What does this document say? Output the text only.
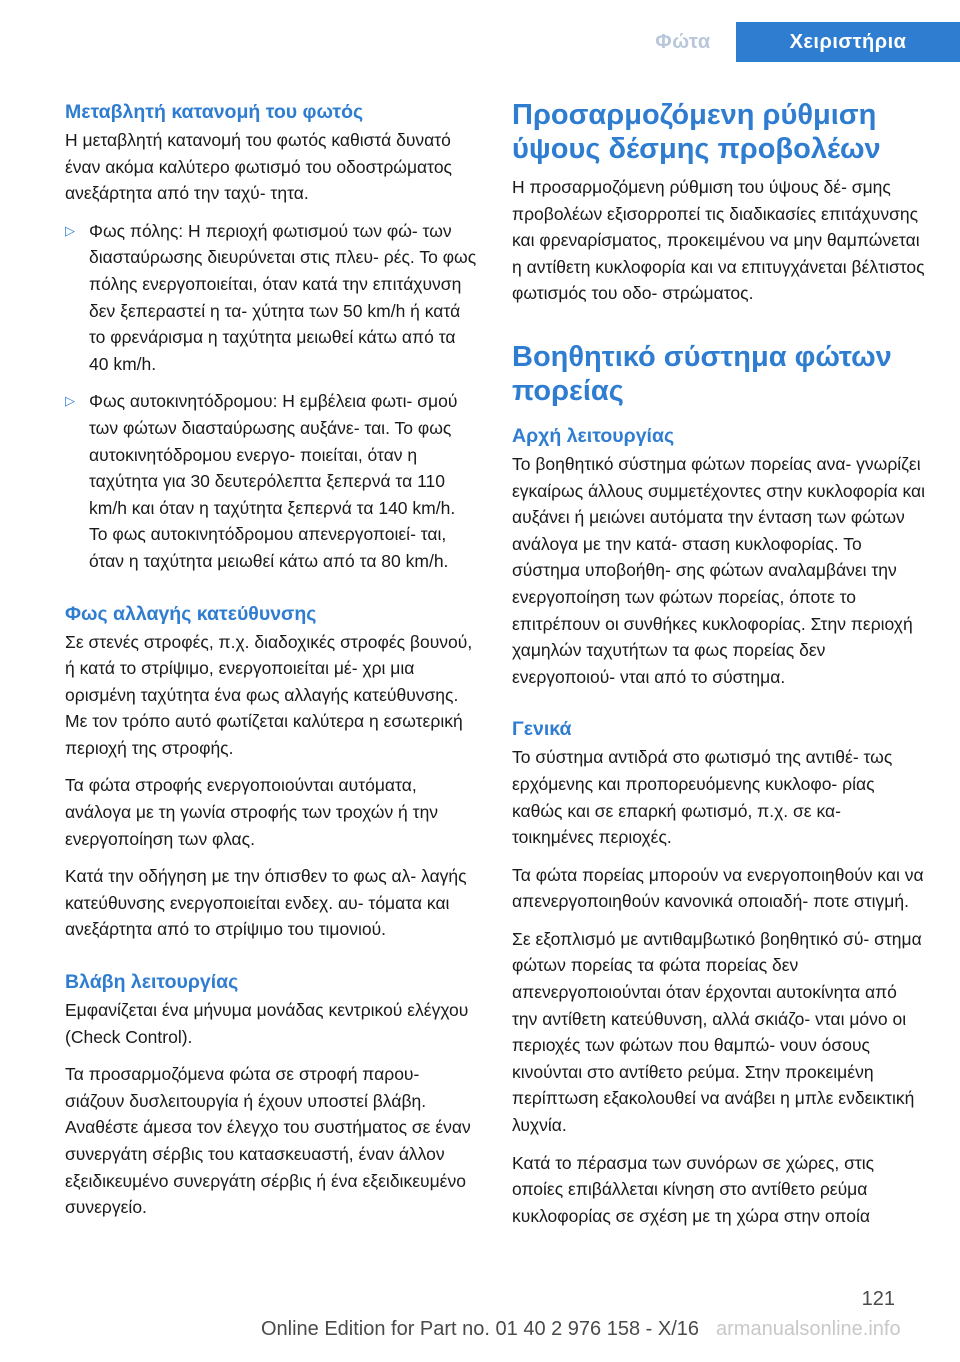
Φώτα	Χειριστήρια
Μεταβλητή κατανομή του φωτός

Η μεταβλητή κατανομή του φωτός καθιστά δυνατό έναν ακόμα καλύτερο φωτισμό του οδοστρώματος ανεξάρτητα από την ταχύ‐ τητα.

▷ Φως πόλης: Η περιοχή φωτισμού των φώ‐ των διασταύρωσης διευρύνεται στις πλευ‐ ρές. Το φως πόλης ενεργοποιείται, όταν κατά την επιτάχυνση δεν ξεπεραστεί η τα‐ χύτητα των 50 km/h ή κατά το φρενάρισμα η ταχύτητα μειωθεί κάτω από τα 40 km/h.

▷ Φως αυτοκινητόδρομου: Η εμβέλεια φωτι‐ σμού των φώτων διασταύρωσης αυξάνε‐ ται. Το φως αυτοκινητόδρομου ενεργο‐ ποιείται, όταν η ταχύτητα για 30 δευτερόλεπτα ξεπερνά τα 110 km/h και όταν η ταχύτητα ξεπερνά τα 140 km/h. Το φως αυτοκινητόδρομου απενεργοποιεί‐ ται, όταν η ταχύτητα μειωθεί κάτω από τα 80 km/h.

Φως αλλαγής κατεύθυνσης

Σε στενές στροφές, π.χ. διαδοχικές στροφές βουνού, ή κατά το στρίψιμο, ενεργοποιείται μέ‐ χρι μια ορισμένη ταχύτητα ένα φως αλλαγής κατεύθυνσης. Με τον τρόπο αυτό φωτίζεται καλύτερα η εσωτερική περιοχή της στροφής.

Τα φώτα στροφής ενεργοποιούνται αυτόματα, ανάλογα με τη γωνία στροφής των τροχών ή την ενεργοποίηση των φλας.

Κατά την οδήγηση με την όπισθεν το φως αλ‐ λαγής κατεύθυνσης ενεργοποιείται ενδεχ. αυ‐ τόματα και ανεξάρτητα από το στρίψιμο του τιμονιού.

Βλάβη λειτουργίας

Εμφανίζεται ένα μήνυμα μονάδας κεντρικού ελέγχου (Check Control).

Τα προσαρμοζόμενα φώτα σε στροφή παρου‐ σιάζουν δυσλειτουργία ή έχουν υποστεί βλάβη. Αναθέστε άμεσα τον έλεγχο του συστήματος σε έναν συνεργάτη σέρβις του κατασκευαστή, έναν άλλον εξειδικευμένο συνεργάτη σέρβις ή ένα εξειδικευμένο συνεργείο.

Προσαρμοζόμενη ρύθμιση ύψους δέσμης προβολέων

Η προσαρμοζόμενη ρύθμιση του ύψους δέ‐ σμης προβολέων εξισορροπεί τις διαδικασίες επιτάχυνσης και φρεναρίσματος, προκειμένου να μην θαμπώνεται η αντίθετη κυκλοφορία και να επιτυγχάνεται βέλτιστος φωτισμός του οδο‐ στρώματος.

Βοηθητικό σύστημα φώτων πορείας
Αρχή λειτουργίας

Το βοηθητικό σύστημα φώτων πορείας ανα‐ γνωρίζει εγκαίρως άλλους συμμετέχοντες στην κυκλοφορία και αυξάνει ή μειώνει αυτόματα την ένταση των φώτων ανάλογα με την κατά‐ σταση κυκλοφορίας. Το σύστημα υποβοήθη‐ σης φώτων αναλαμβάνει την ενεργοποίηση των φώτων πορείας, όποτε το επιτρέπουν οι συνθήκες κυκλοφορίας. Στην περιοχή χαμηλών ταχυτήτων τα φως πορείας δεν ενεργοποιού‐ νται από το σύστημα.

Γενικά

Το σύστημα αντιδρά στο φωτισμό της αντιθέ‐ τως ερχόμενης και προπορευόμενης κυκλοφο‐ ρίας καθώς και σε επαρκή φωτισμό, π.χ. σε κα‐ τοικημένες περιοχές.

Τα φώτα πορείας μπορούν να ενεργοποιηθούν και να απενεργοποιηθούν κανονικά οποιαδή‐ ποτε στιγμή.

Σε εξοπλισμό με αντιθαμβωτικό βοηθητικό σύ‐ στημα φώτων πορείας τα φώτα πορείας δεν απενεργοποιούνται όταν έρχονται αυτοκίνητα από την αντίθετη κατεύθυνση, αλλά σκιάζο‐ νται μόνο οι περιοχές των φώτων που θαμπώ‐ νουν όσους κινούνται στο αντίθετο ρεύμα. Στην προκειμένη περίπτωση εξακολουθεί να ανάβει η μπλε ενδεικτική λυχνία.

Κατά το πέρασμα των συνόρων σε χώρες, στις οποίες επιβάλλεται κίνηση στο αντίθετο ρεύμα κυκλοφορίας σε σχέση με τη χώρα στην οποία

121
Online Edition for Part no. 01 40 2 976 158 - X/16 armanualsonline.info
